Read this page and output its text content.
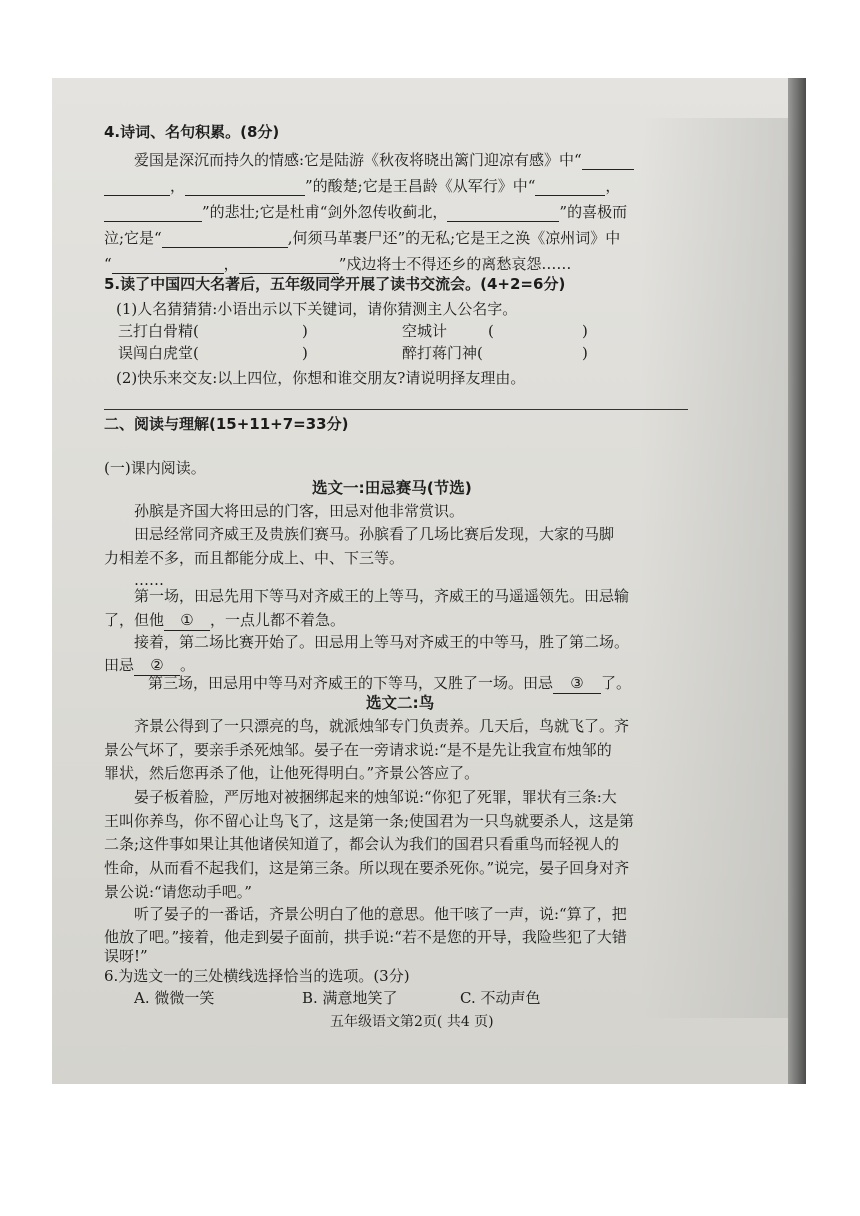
4.诗词、名句积累。(8分)
爱国是深沉而持久的情感:它是陆游《秋夜将晓出篱门迎凉有感》中“
，	”的酸楚;它是王昌龄《从军行》中“	，
”的悲壮;它是杜甫“剑外忽传收蓟北，	”的喜极而
泣;它是“	,何须马革裹尸还”的无私;它是王之涣《凉州词》中
“	，	”戍边将士不得还乡的离愁哀怨……
5.读了中国四大名著后，五年级同学开展了读书交流会。(4+2=6分)
(1)人名猜猜猜:小语出示以下关键词，请你猜测主人公名字。
三打白骨精(	)	空城计	(	)
误闯白虎堂(	)	醉打蒋门神(	)
(2)快乐来交友:以上四位，你想和谁交朋友?请说明择友理由。
二、阅读与理解(15+11+7=33分)
(一)课内阅读。
选文一:田忌赛马(节选)
孙膑是齐国大将田忌的门客，田忌对他非常赏识。
田忌经常同齐威王及贵族们赛马。孙膑看了几场比赛后发现，大家的马脚
力相差不多，而且都能分成上、中、下三等。
……
第一场，田忌先用下等马对齐威王的上等马，齐威王的马遥遥领先。田忌输
了，但他 ① ，一点儿都不着急。
接着，第二场比赛开始了。田忌用上等马对齐威王的中等马，胜了第二场。
田忌 ② 。
第三场，田忌用中等马对齐威王的下等马，又胜了一场。田忌 ③ 了。
选文二:鸟
齐景公得到了一只漂亮的鸟，就派烛邹专门负责养。几天后，鸟就飞了。齐
景公气坏了，要亲手杀死烛邹。晏子在一旁请求说:“是不是先让我宣布烛邹的
罪状，然后您再杀了他，让他死得明白。”齐景公答应了。
晏子板着脸，严厉地对被捆绑起来的烛邹说:“你犯了死罪，罪状有三条:大
王叫你养鸟，你不留心让鸟飞了，这是第一条;使国君为一只鸟就要杀人，这是第
二条;这件事如果让其他诸侯知道了，都会认为我们的国君只看重鸟而轻视人的
性命，从而看不起我们，这是第三条。所以现在要杀死你。”说完，晏子回身对齐
景公说:“请您动手吧。”
听了晏子的一番话，齐景公明白了他的意思。他干咳了一声，说:“算了，把
他放了吧。”接着，他走到晏子面前，拱手说:“若不是您的开导，我险些犯了大错
误呀!”
6.为选文一的三处横线选择恰当的选项。(3分)
A. 微微一笑	B. 满意地笑了	C. 不动声色
五年级语文第2页( 共4 页)
